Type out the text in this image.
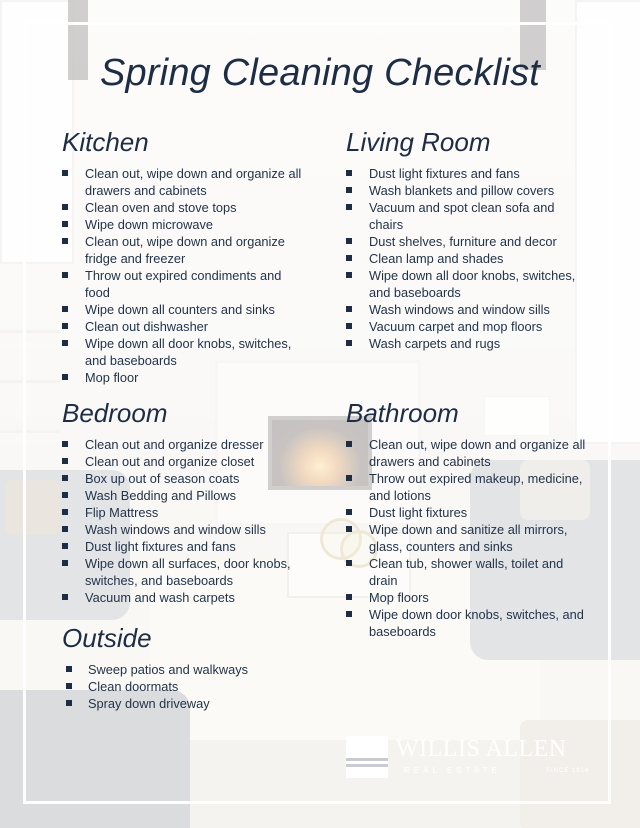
Spring Cleaning Checklist
Kitchen
Clean out, wipe down and organize all drawers and cabinets
Clean oven and stove tops
Wipe down microwave
Clean out, wipe down and organize fridge and freezer
Throw out expired condiments and food
Wipe down all counters and sinks
Clean out dishwasher
Wipe down all door knobs, switches, and baseboards
Mop floor
Living Room
Dust light fixtures and fans
Wash blankets and pillow covers
Vacuum and spot clean sofa and chairs
Dust shelves, furniture and decor
Clean lamp and shades
Wipe down all door knobs, switches, and baseboards
Wash windows and window sills
Vacuum carpet and mop floors
Wash carpets and rugs
Bedroom
Clean out and organize dresser
Clean out and organize closet
Box up out of season coats
Wash Bedding and Pillows
Flip Mattress
Wash windows and window sills
Dust light fixtures and fans
Wipe down all surfaces, door knobs, switches, and baseboards
Vacuum and wash carpets
Bathroom
Clean out, wipe down and organize all drawers and cabinets
Throw out expired makeup, medicine, and lotions
Dust light fixtures
Wipe down and sanitize all mirrors, glass, counters and sinks
Clean tub, shower walls, toilet and drain
Mop floors
Wipe down door knobs, switches, and baseboards
Outside
Sweep patios and walkways
Clean doormats
Spray down driveway
WILLIS ALLEN
REAL ESTATE	SINCE 1914
